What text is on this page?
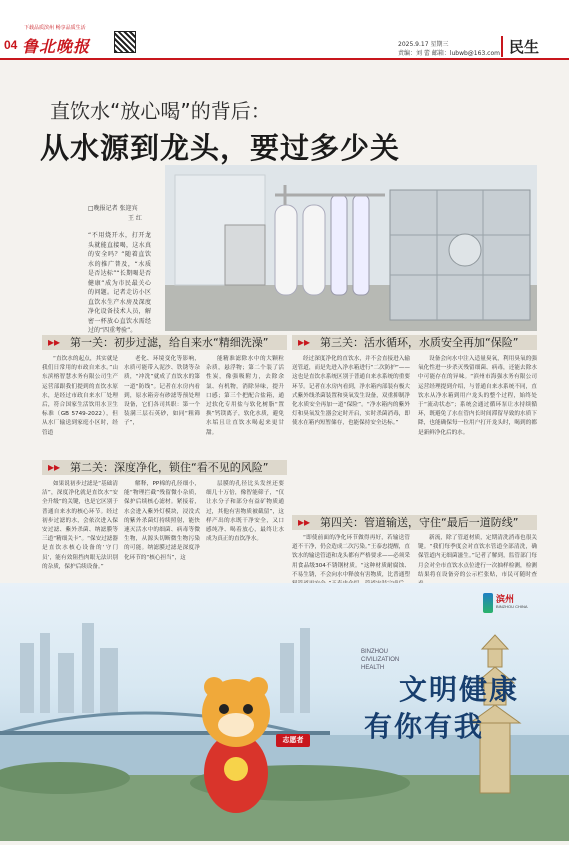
下载品质滨州 畅享品质生活
04 鲁北晚报	2025.9.17 星期三
责编：刘 蕾 邮箱：lubwb@163.com 民生
直饮水“放心喝”的背后：
从水源到龙头，要过多少关
□晚报记者 张迎宾
王 红
“不用烧开水，打开龙头就能直接喝，这水真的安全吗？”随着直饮水的推广普及，“水质是否达标”“长期喝是否健康”成为市民最关心的问题。记者走访小区直饮水生产水房及深度净化设备技术人员，解密一杯放心直饮水需经过的“四重考验”。
▸▸ 第一关：初步过滤，给自来水“精细洗澡”
“直饮水的起点，其实就是我们日常用的市政自来水。”山东滨榕智慧水务有限公司生产运营部跟我们提到的直饮水原水，是经过市政自来水厂处理后，符合国家生活饮用水卫生标准（GB 5749-2022），但从水厂输送到家庭小区时，经管道
老化、环境变化等影响，水质可能带入泥沙、铁锈等杂质，“冲洗”就成了直饮水的第一道“防线”。记者在水房内看到，原水箱旁有砂滤等预处理设备，它们各司其职：第一个装满三层石英砂，如同“粗筛子”，
能精准滤除水中的大颗粒杂质，悬浮物；第二个装了活性炭，像强吸附力，去除余氯、有机物，消除异味，提升口感；第三个把配合盐箱，通过软化专用盐与软化树脂“置换”钙镁离子，软化水质，避免水垢且让直饮水喝起来更甘甜。
▸▸ 第二关：深度净化，锁住“看不见的风险”
如果说初步过滤是“基础清洁”，深度净化就是直饮水“安全升级”的关键，也是它区别于普通自来水的核心环节。经过初步过滤的水，会依次进入保安过滤、紫外杀菌、纳滤膜等三道“精细关卡”。“保安过滤器是直饮水核心设备的‘守门员’，能有效阻挡肉眼无法识别的杂质，保护后续设备。”
解释，PP棉的孔径细小，能“物理拦截”残留微小杂质，保护后续核心滤材。紧接着，水会进入紫外灯模块，浸没式的紫外杀菌灯持续照射，能快速灭活水中的细菌、病毒等微生物，从源头切断微生物污染的可能。纳滤膜过滤是深度净化环节的“核心担当”，这
层膜的孔径比头发丝还要细几十万倍，像智能筛子，“仅让水分子和部分有益矿物质通过，其他有害物质被截留”，这样产出的水既干净安全，又口感纯净、喝着放心，最终让水成为真正的直饮净水。
▸▸ 第三关：活水循环，水质安全再加“保险”
经过深度净化的直饮水，并不会直接进入输送管道，而是先进入净水箱进行“二次防护”——这也是直饮水系统区别于普通自来水系统的重要环节。记者在水房内看到，净水箱内部装有极大式紫外线杀菌装置和臭氧发生设备，双重抑制净化水质安全再加一道“保险”。“净水箱内的紫外灯和臭氧发生器会定时开启，实时杀菌消毒，即使水在箱内短暂储存，也能保持安全达标。”
设备会向水中注入适量臭氧，利用臭氧的强氧化性进一步杀灭残留细菌、病毒，还能去除水中可能存在的异味。“滨州市海强水务有限公司运营经理提到介绍，与普通自来水系统不同，直饮水从净水箱到用户龙头的整个过程，始终处于“流动状态”；系统会通过循环泵让水持续循环，既避免了水在管内长时间滞留导致的水质下降，也能确保每一位用户打开龙头时，喝到的都是新鲜净化后的水。
▸▸ 第四关：管道输送，守住“最后一道防线”
“即使前面的净化环节做得再好，若输送管道不干净，仍会造成二次污染。”王泰忠提醒，直饮水的输送管道和龙头都有严格要求——必须采用食品级304不锈钢材质。“这种材质耐腐蚀、不易生锈，不会向水中释放有害物质，比普通塑
新流，除了管道材质，定期清洗消毒也很关键。“我们每季度会对直饮水管道全部清洗，确保管道内无细菌滋生。”记者了解到，监管部门每月会对全市直饮水点位进行一次抽样检测，检测结果将在设备旁的公示栏张贴，市民可随时查
志愿者
滨州
BINZHOU CHINA
BINZHOU
CIVILIZATION
HEALTH
文明健康
有你有我
